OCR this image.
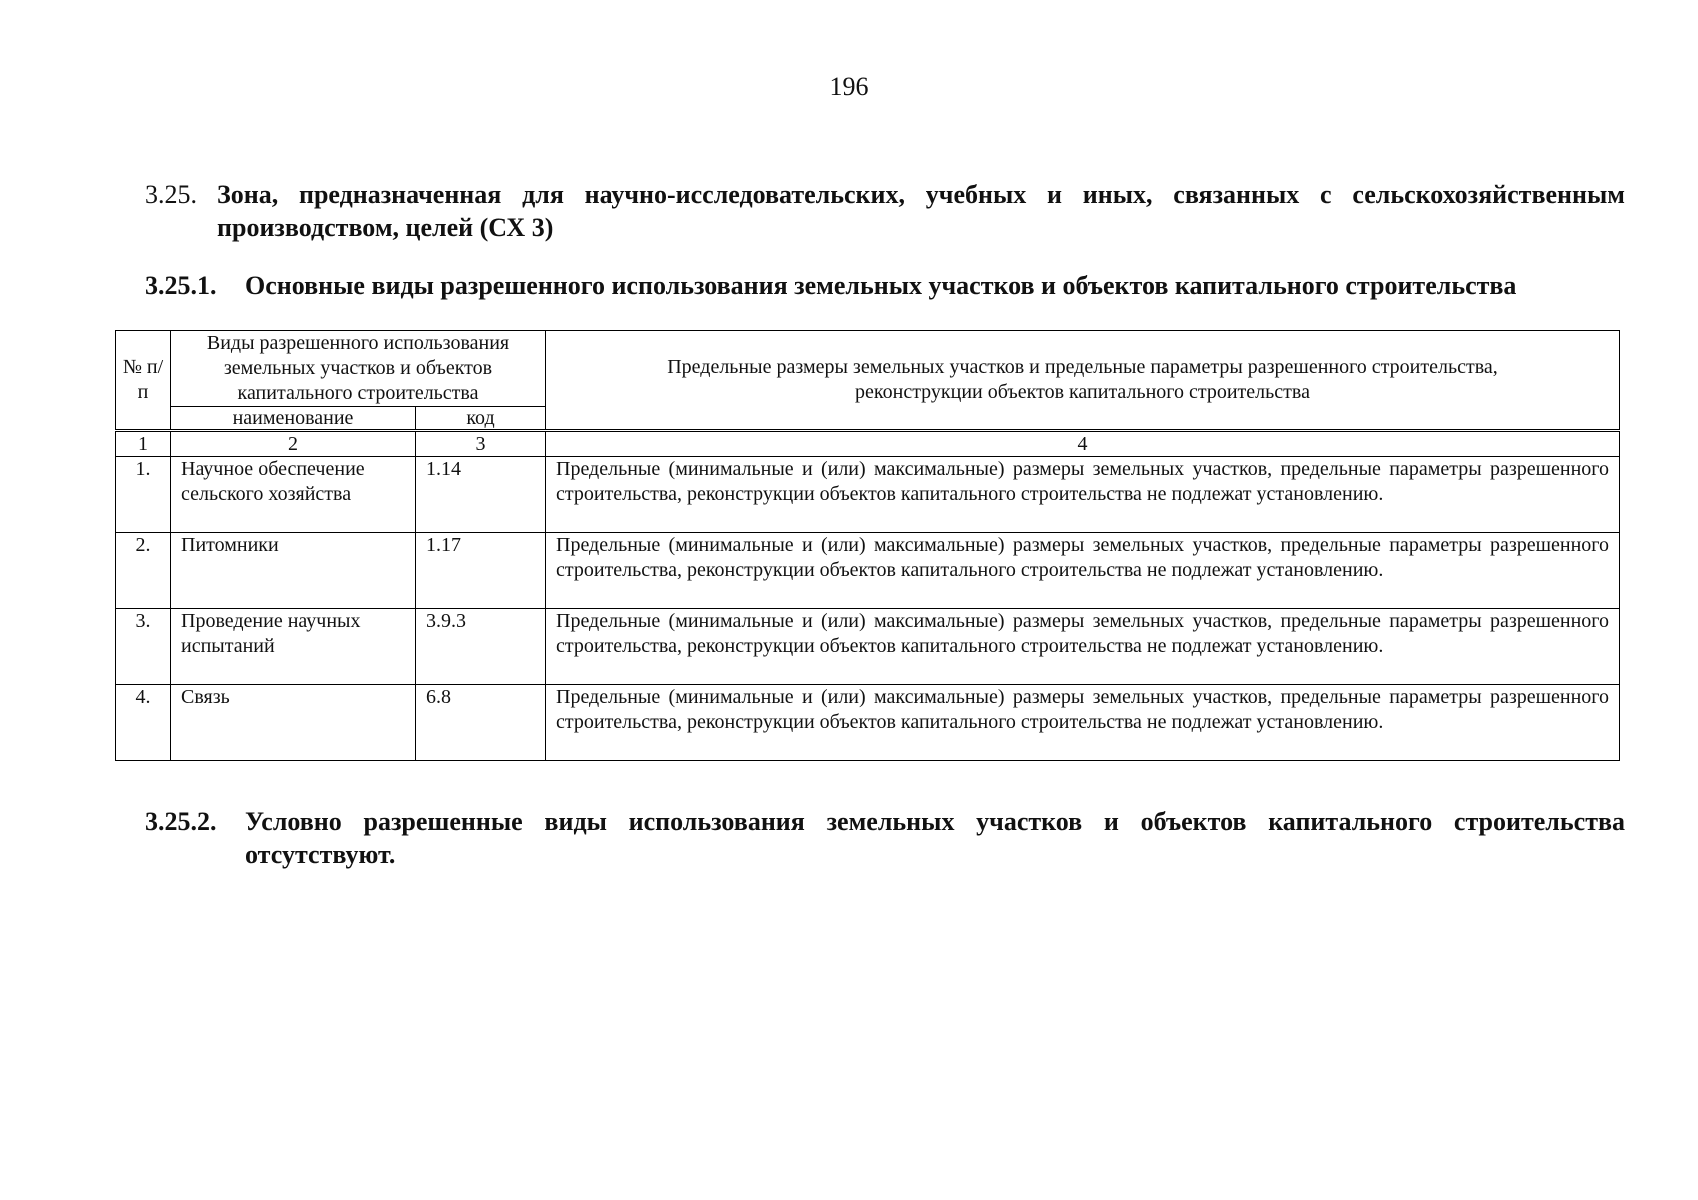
196
3.25. Зона, предназначенная для научно-исследовательских, учебных и иных, связанных с сельскохозяйственным производством, целей (СХ 3)
3.25.1. Основные виды разрешенного использования земельных участков и объектов капитального строительства
№ п/п	Виды разрешенного использования земельных участков и объектов капитального строительства		Предельные размеры земельных участков и предельные параметры разрешенного строительства, реконструкции объектов капитального строительства
	наименование	код	

1	2	3	4
1.	Научное обеспечение сельского хозяйства	1.14	Предельные (минимальные и (или) максимальные) размеры земельных участков, предельные параметры разрешенного строительства, реконструкции объектов капитального строительства не подлежат установлению.
2.	Питомники	1.17	Предельные (минимальные и (или) максимальные) размеры земельных участков, предельные параметры разрешенного строительства, реконструкции объектов капитального строительства не подлежат установлению.
3.	Проведение научных испытаний	3.9.3	Предельные (минимальные и (или) максимальные) размеры земельных участков, предельные параметры разрешенного строительства, реконструкции объектов капитального строительства не подлежат установлению.
4.	Связь	6.8	Предельные (минимальные и (или) максимальные) размеры земельных участков, предельные параметры разрешенного строительства, реконструкции объектов капитального строительства не подлежат установлению.
3.25.2. Условно разрешенные виды использования земельных участков и объектов капитального строительства отсутствуют.
